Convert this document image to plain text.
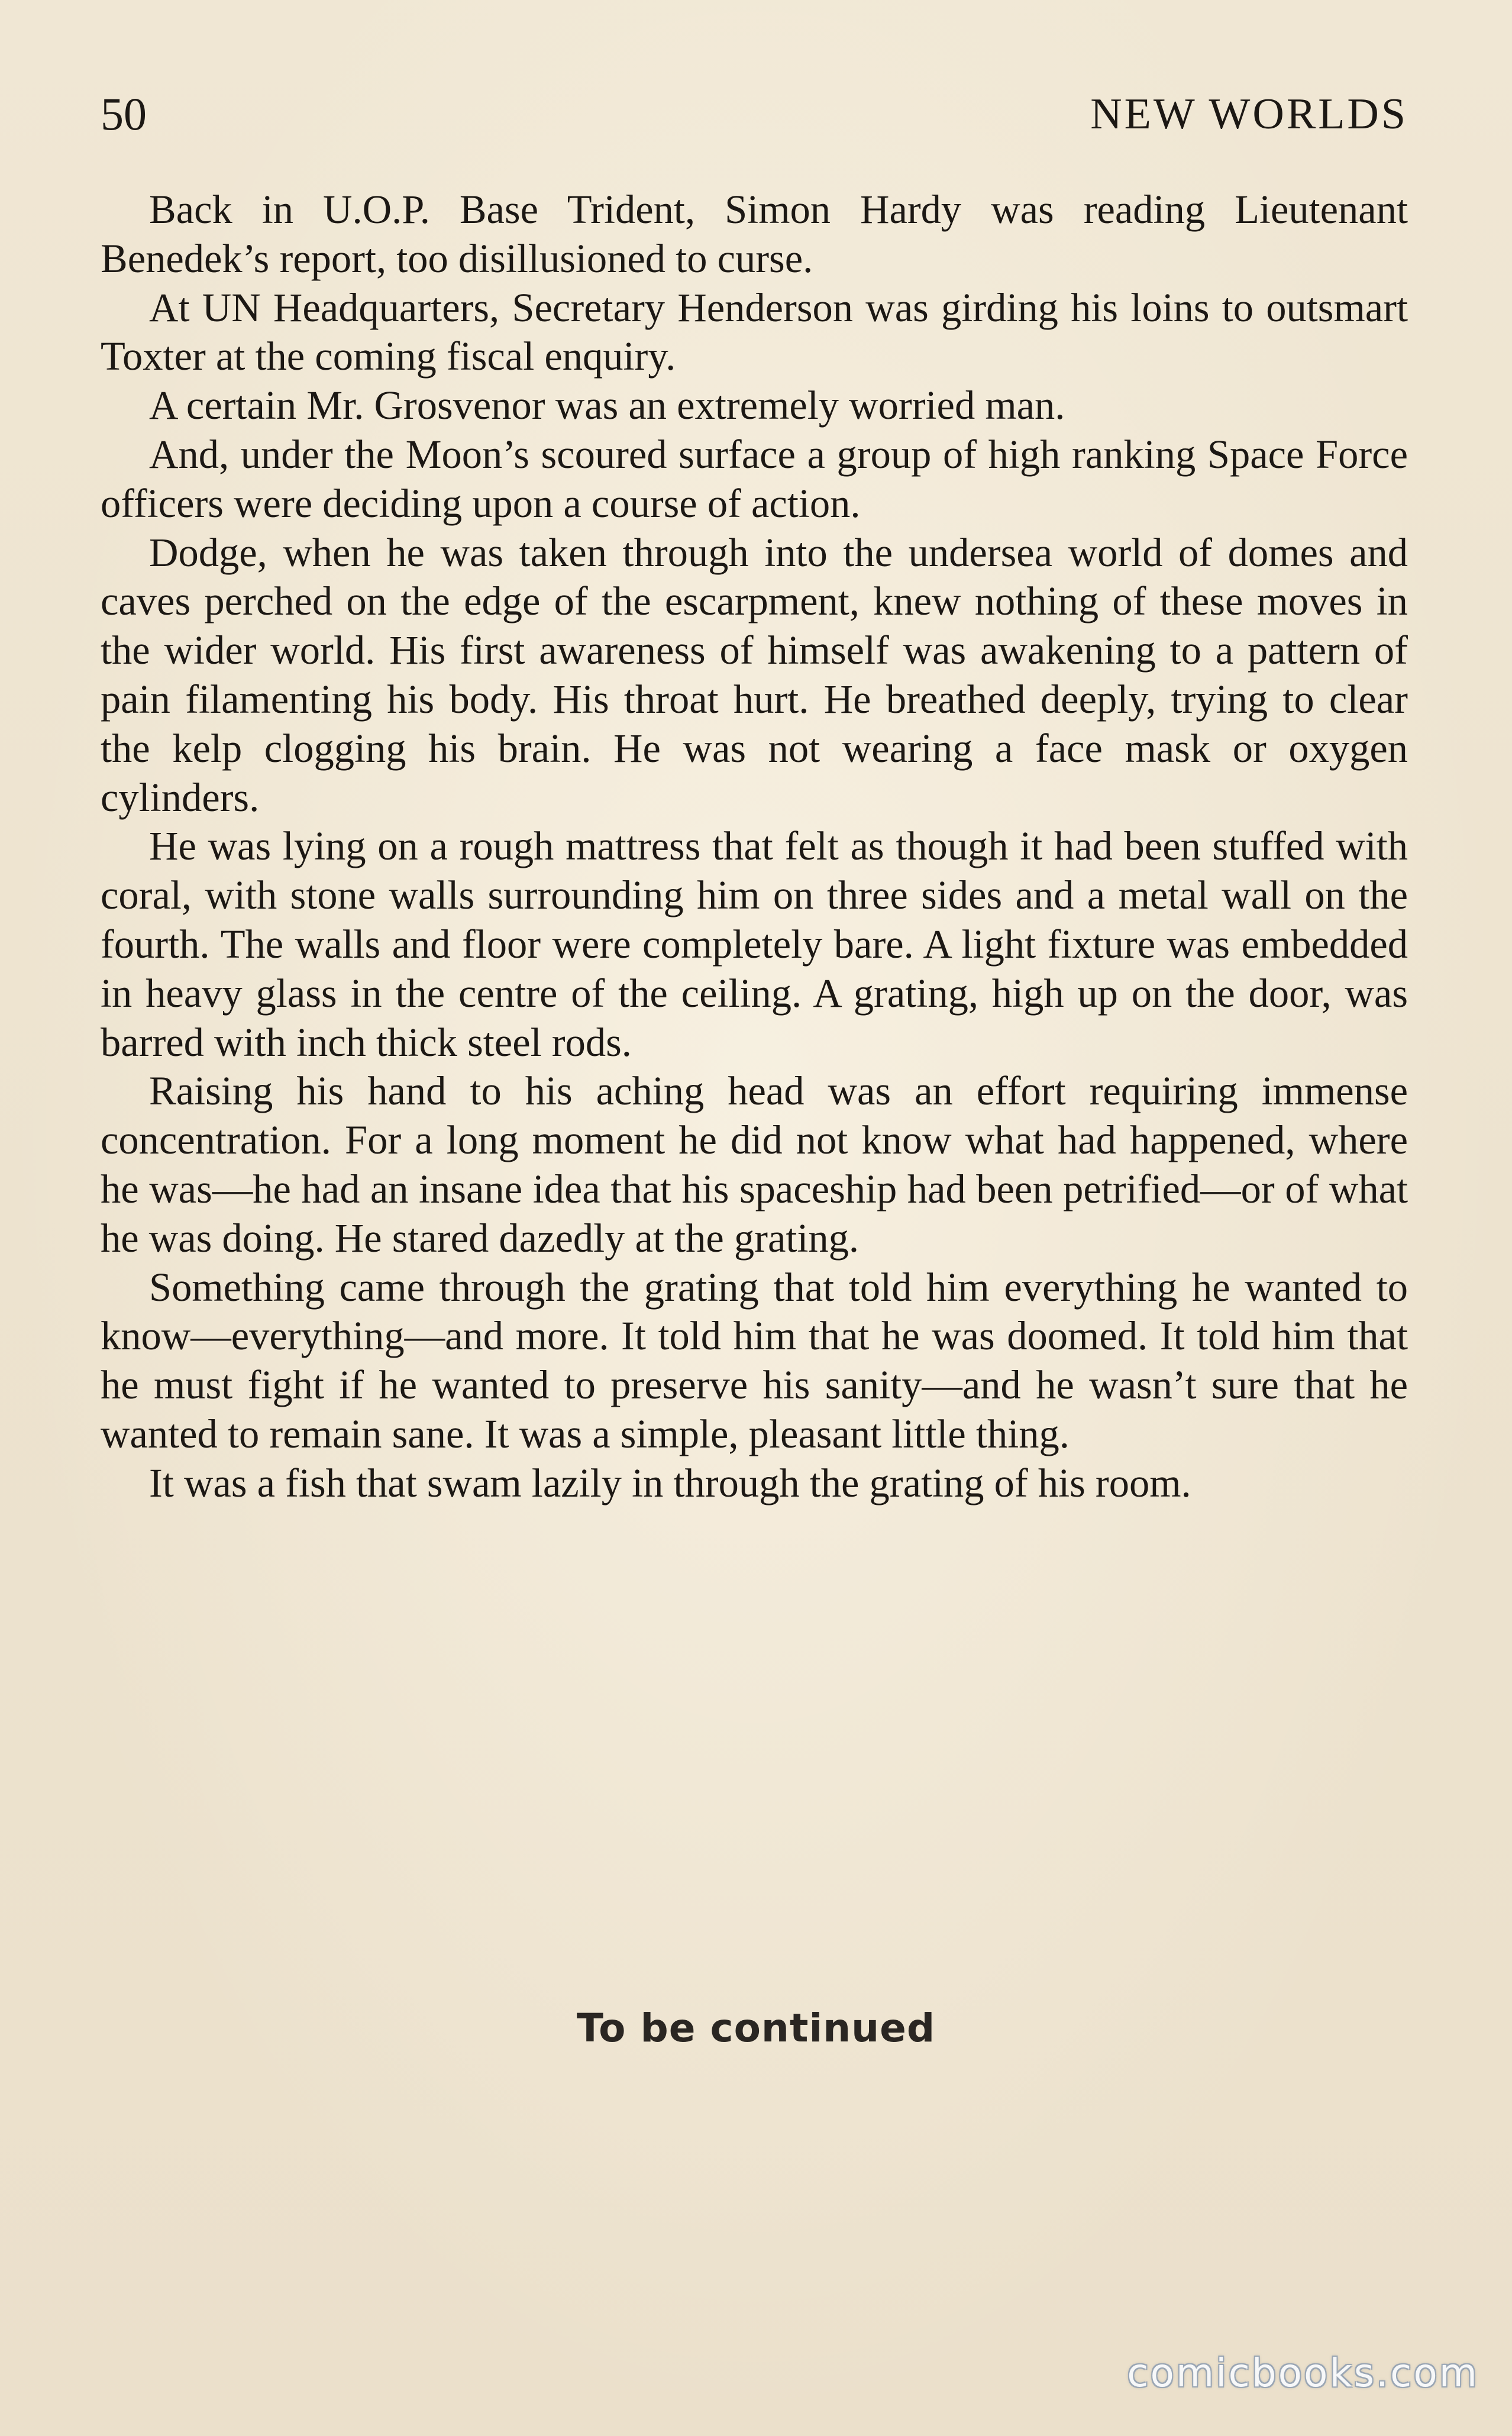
50	NEW WORLDS

Back in U.O.P. Base Trident, Simon Hardy was reading Lieutenant Benedek’s report, too disillusioned to curse.

At UN Headquarters, Secretary Henderson was girding his loins to outsmart Toxter at the coming fiscal enquiry.

A certain Mr. Grosvenor was an extremely worried man.

And, under the Moon’s scoured surface a group of high ranking Space Force officers were deciding upon a course of action.

Dodge, when he was taken through into the undersea world of domes and caves perched on the edge of the escarpment, knew nothing of these moves in the wider world. His first awareness of himself was awakening to a pattern of pain filamenting his body. His throat hurt. He breathed deeply, trying to clear the kelp clogging his brain. He was not wearing a face mask or oxygen cylinders.

He was lying on a rough mattress that felt as though it had been stuffed with coral, with stone walls surrounding him on three sides and a metal wall on the fourth. The walls and floor were completely bare. A light fixture was embedded in heavy glass in the centre of the ceiling. A grating, high up on the door, was barred with inch thick steel rods.

Raising his hand to his aching head was an effort requiring immense concentration. For a long moment he did not know what had happened, where he was—he had an insane idea that his spaceship had been petrified—or of what he was doing. He stared dazedly at the grating.

Something came through the grating that told him everything he wanted to know—everything—and more. It told him that he was doomed. It told him that he must fight if he wanted to preserve his sanity—and he wasn’t sure that he wanted to remain sane. It was a simple, pleasant little thing.

It was a fish that swam lazily in through the grating of his room.

To be continued
comicbooks.com
